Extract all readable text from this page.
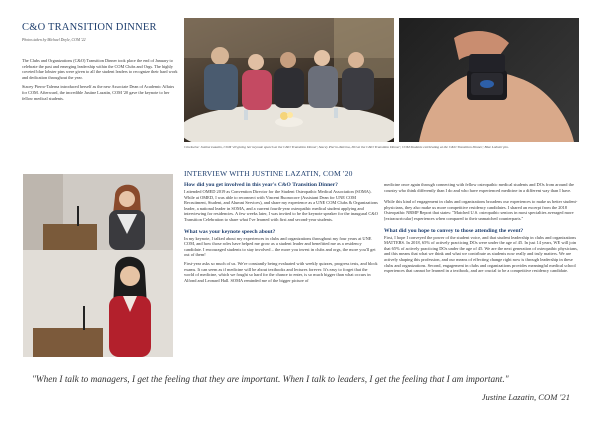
C&O TRANSITION DINNER
Photos taken by Michael Doyle, COM '22

The Clubs and Organizations (C&O) Transition Dinner took place the end of January to celebrate the past and emerging leadership within the COM Clubs and Orgs. The highly coveted blue lobster pins were given to all the student leaders to recognize their hard work and dedication throughout the year.

Stacey Pierro-Talerna introduced herself as the new Associate Dean of Academic Affairs for COM. Afterward, the incredible Justine Lazatin, COM '20 gave the keynote to her fellow medical students.

Clockwise: Justine Lazatin, COM '20 giving her keynote speech at the C&O Transition Dinner; Stacey Pierro-Talerna, DO at the C&O Transition Dinner; COM Students celebrating at the C&O Transition Dinner; Blue Lobster pin.
INTERVIEW WITH JUSTINE LAZATIN, COM '20
How did you get involved in this year's C&O Transition Dinner?

I attended OMED 2019 as Convention Director for the Student Osteopathic Medical Association (SOMA). While at OMED, I was able to reconnect with Vincent Buonocore (Assistant Dean for UNE COM Recruitment, Student, and Alumni Services), and share my experience as a UNE COM Clubs & Organizations leader, a national leader in SOMA, and a current fourth-year osteopathic medical student applying and interviewing for residencies. A few weeks later, I was invited to be the keynote speaker for the inaugural C&O Transition Celebration to share what I've learned with first and second-year students.

What was your keynote speech about?

In my keynote, I talked about my experiences in clubs and organizations throughout my four years at UNE COM, and how those roles have helped me grow as a student leader and benefitted me as a residency candidate. I encouraged students to stay involved – the more you invest in clubs and orgs, the more you'll get out of them!

First-year asks so much of us. We're constantly being evaluated with weekly quizzes, progress tests, and block exams. It can seem as if medicine will be about textbooks and lectures forever. It's easy to forget that the world of medicine, which we fought so hard for the chance to enter, is so much bigger than what occurs in Alfond and Leonard Hall. SOMA reminded me of the bigger picture of

medicine once again through connecting with fellow osteopathic medical students and DOs from around the country who think differently than I do and who have experienced medicine in a different way than I have.

While this kind of engagement in clubs and organizations broadens our experiences to make us better student-physicians, they also make us more competitive residency candidates. I shared an excerpt from the 2018 Osteopathic NRMP Report that states: "Matched U.S. osteopathic seniors in most specialties averaged more [extracurricular] experiences when compared to their unmatched counterparts."

What did you hope to convey to those attending the event?

First, I hope I conveyed the power of the student voice, and that student leadership in clubs and organizations MATTERS. In 2018, 65% of actively practicing DOs were under the age of 45. In just 14 years, WE will join that 65% of actively practicing DOs under the age of 45. We are the next generation of osteopathic physicians, and this means that what we think and what we contribute as students now really and truly matters. We are actively shaping this profession, and our means of effecting change right now is through leadership in these clubs and organizations. Second, engagement in clubs and organizations provides meaningful medical school experiences that cannot be learned in a textbook, and are crucial to be a competitive residency candidate.

"When I talk to managers, I get the feeling that they are important. When I talk to leaders, I get the feeling that I am important."
Justine Lazatin, COM '21
